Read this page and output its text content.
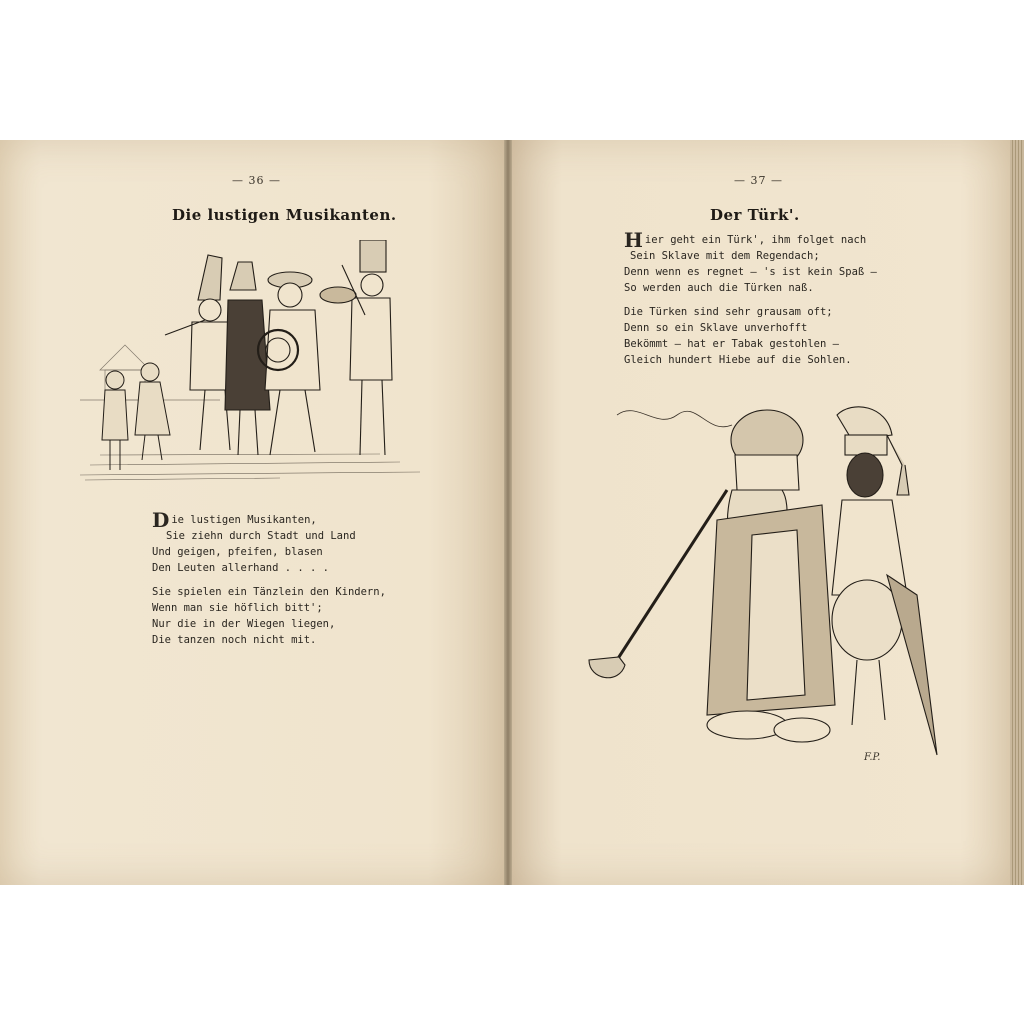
— 36 —
Die lustigen Musikanten.
D ie lustigen Musikanten,
Sie ziehn durch Stadt und Land
Und geigen, pfeifen, blasen
Den Leuten allerhand . . . .
Sie spielen ein Tänzlein den Kindern,
Wenn man sie höflich bitt';
Nur die in der Wiegen liegen,
Die tanzen noch nicht mit.
— 37 —
Der Türk'.
H ier geht ein Türk', ihm folget nach
Sein Sklave mit dem Regendach;
Denn wenn es regnet — 's ist kein Spaß —
So werden auch die Türken naß.
Die Türken sind sehr grausam oft;
Denn so ein Sklave unverhofft
Bekömmt — hat er Tabak gestohlen —
Gleich hundert Hiebe auf die Sohlen.
F.P.
